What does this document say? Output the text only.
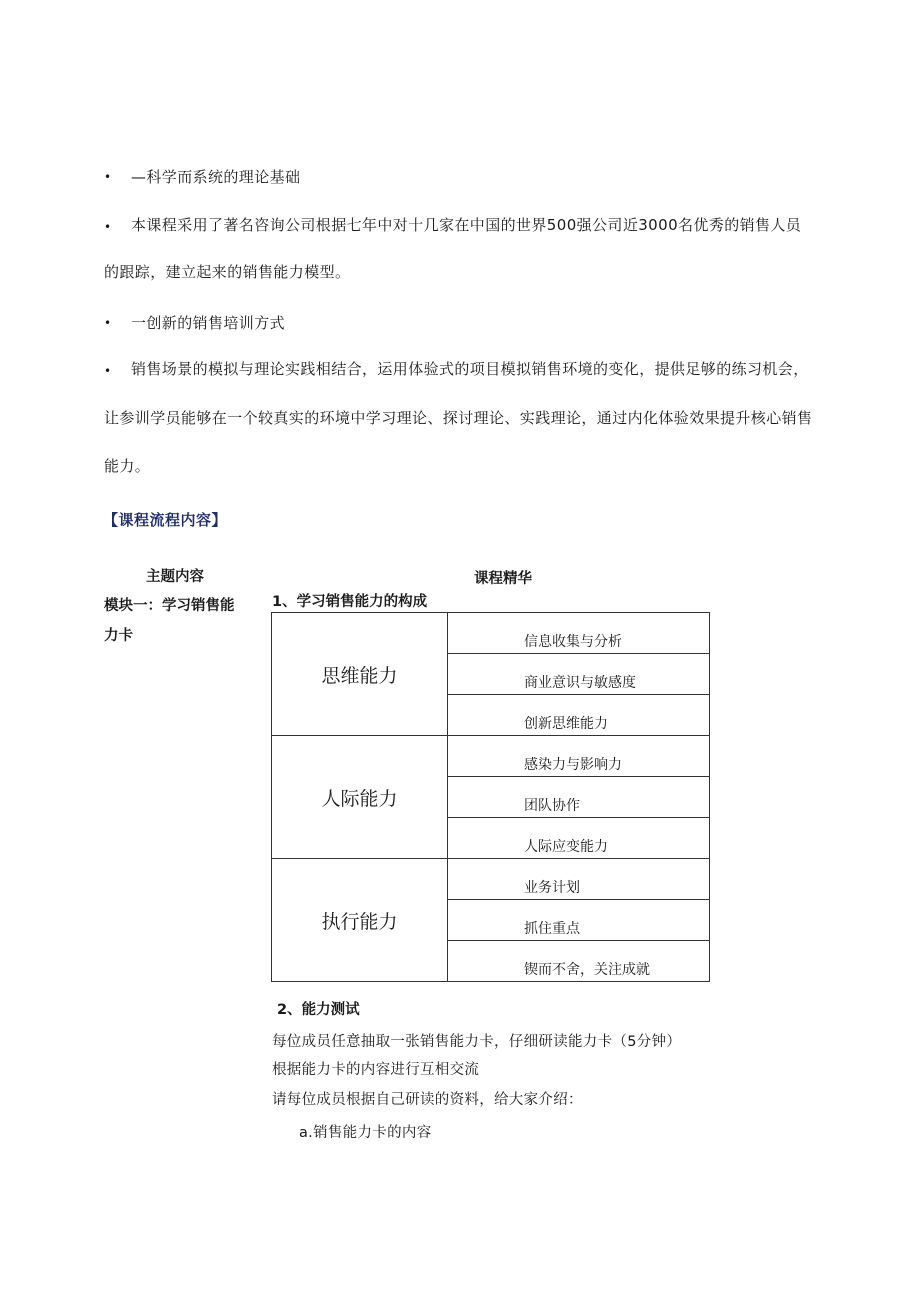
• —科学而系统的理论基础
• 本课程采用了著名咨询公司根据七年中对十几家在中国的世界500强公司近3000名优秀的销售人员
的跟踪，建立起来的销售能力模型。
• 一创新的销售培训方式
• 销售场景的模拟与理论实践相结合，运用体验式的项目模拟销售环境的变化，提供足够的练习机会，
让参训学员能够在一个较真实的环境中学习理论、探讨理论、实践理论，通过内化体验效果提升核心销售
能力。
【课程流程内容】
主题内容	课程精华
模块一：学习销售能
力卡
1、学习销售能力的构成
思维能力	信息收集与分析
	商业意识与敏感度
	创新思维能力
人际能力	感染力与影响力
	团队协作
	人际应变能力
执行能力	业务计划
	抓住重点
	锲而不舍，关注成就
2、能力测试
每位成员任意抽取一张销售能力卡，仔细研读能力卡（5分钟）
根据能力卡的内容进行互相交流
请每位成员根据自己研读的资料，给大家介绍：
a.销售能力卡的内容
